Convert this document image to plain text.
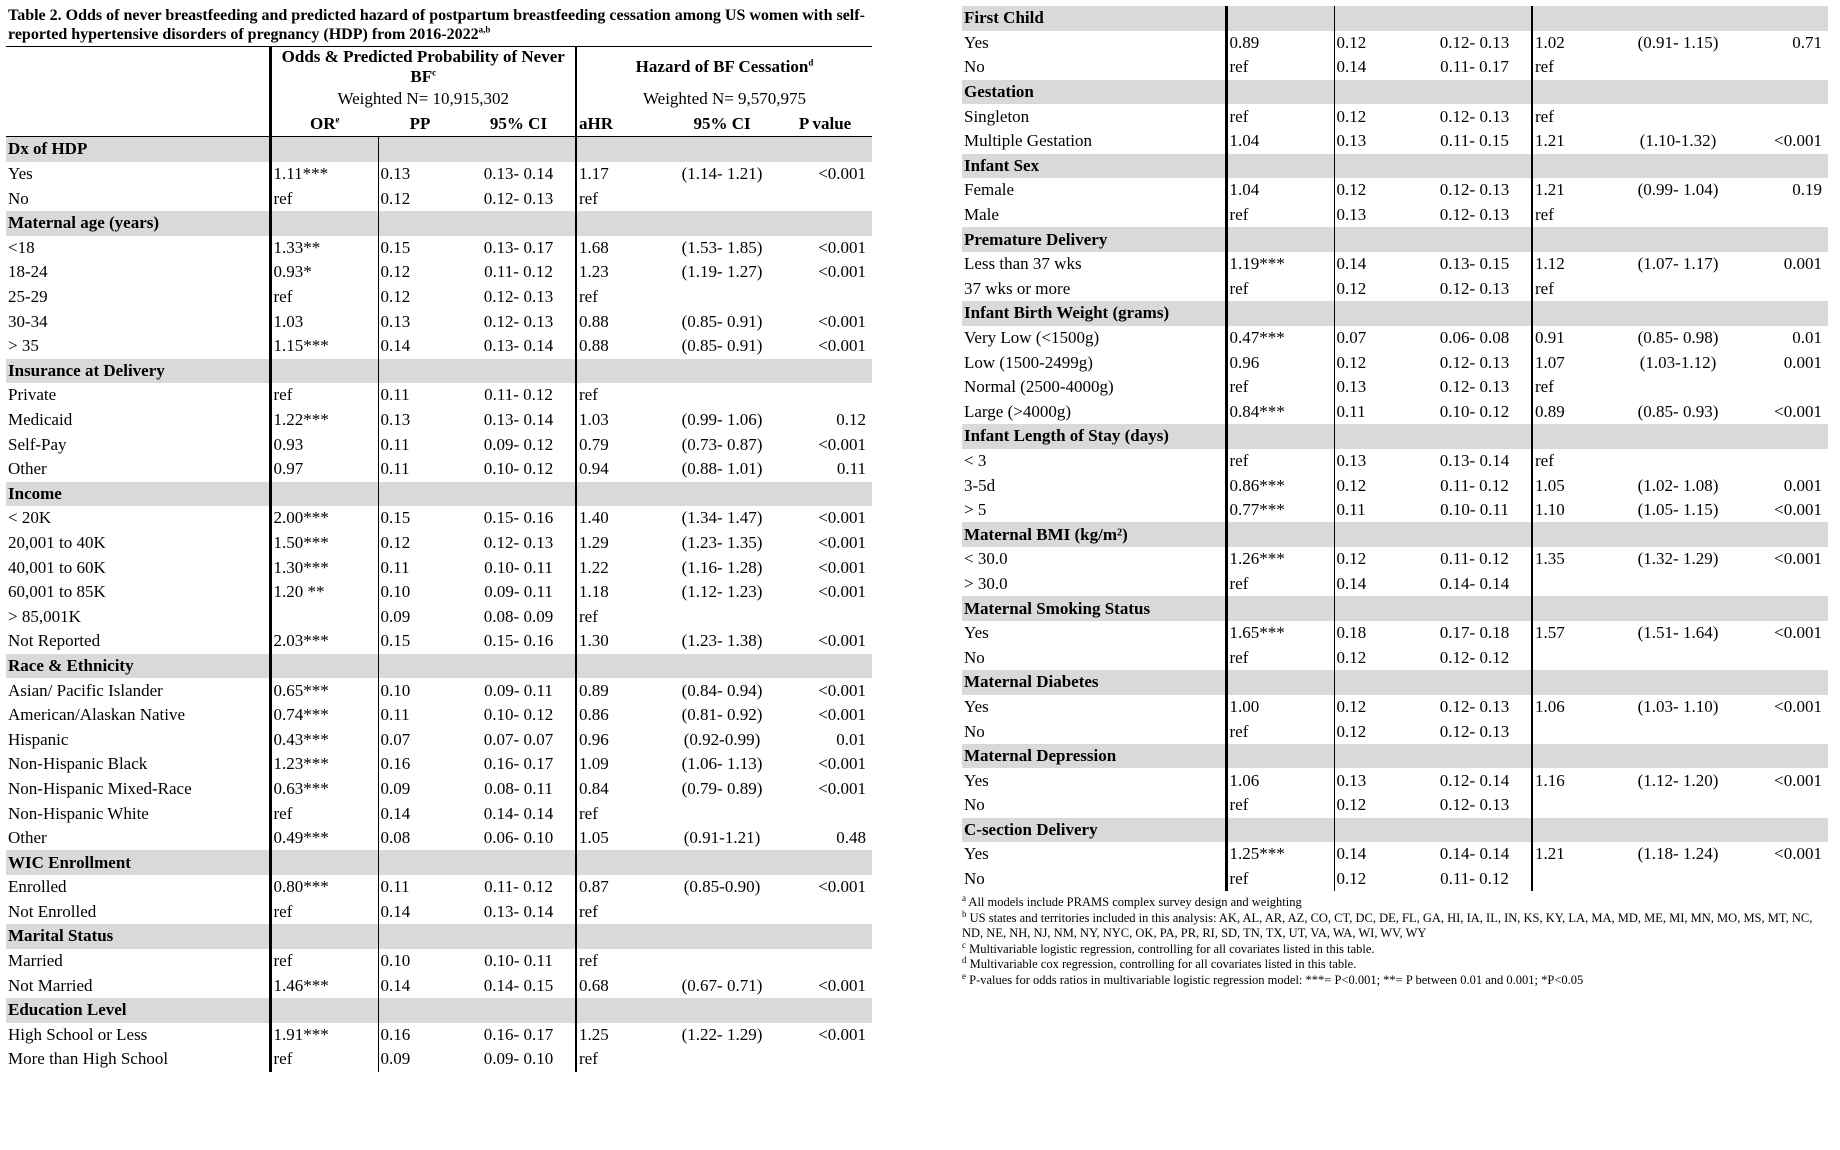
Table 2. Odds of never breastfeeding and predicted hazard of postpartum breastfeeding cessation among US women with self-reported hypertensive disorders of pregnancy (HDP) from 2016-2022$^{a,b}$
	Odds & Predicted Probability of Never
$BF^c$			Hazard of BF Cessation$^d$
	Weighted N= 10,915,302			Weighted N= 9,570,975		
	$OR^e$	PP	95% CI	aHR	95% CI	P value
Dx of HDP						
Yes	1.11***	0.13	0.13- 0.14	1.17	(1.14- 1.21)	<0.001
No	ref	0.12	0.12- 0.13	ref		
Maternal age (years)						
<18	1.33**	0.15	0.13- 0.17	1.68	(1.53- 1.85)	<0.001
18-24	0.93*	0.12	0.11- 0.12	1.23	(1.19- 1.27)	<0.001
25-29	ref	0.12	0.12- 0.13	ref		
30-34	1.03	0.13	0.12- 0.13	0.88	(0.85- 0.91)	<0.001
> 35	1.15***	0.14	0.13- 0.14	0.88	(0.85- 0.91)	<0.001
Insurance at Delivery						
Private	ref	0.11	0.11- 0.12	ref		
Medicaid	1.22***	0.13	0.13- 0.14	1.03	(0.99- 1.06)	0.12
Self-Pay	0.93	0.11	0.09- 0.12	0.79	(0.73- 0.87)	<0.001
Other	0.97	0.11	0.10- 0.12	0.94	(0.88- 1.01)	0.11
Income						
< 20K	2.00***	0.15	0.15- 0.16	1.40	(1.34- 1.47)	<0.001
20,001 to 40K	1.50***	0.12	0.12- 0.13	1.29	(1.23- 1.35)	<0.001
40,001 to 60K	1.30***	0.11	0.10- 0.11	1.22	(1.16- 1.28)	<0.001
60,001 to 85K	1.20 **	0.10	0.09- 0.11	1.18	(1.12- 1.23)	<0.001
> 85,001K		0.09	0.08- 0.09	ref		
Not Reported	2.03***	0.15	0.15- 0.16	1.30	(1.23- 1.38)	<0.001
Race & Ethnicity						
Asian/ Pacific Islander	0.65***	0.10	0.09- 0.11	0.89	(0.84- 0.94)	<0.001
American/Alaskan Native	0.74***	0.11	0.10- 0.12	0.86	(0.81- 0.92)	<0.001
Hispanic	0.43***	0.07	0.07- 0.07	0.96	(0.92-0.99)	0.01
Non-Hispanic Black	1.23***	0.16	0.16- 0.17	1.09	(1.06- 1.13)	<0.001
Non-Hispanic Mixed-Race	0.63***	0.09	0.08- 0.11	0.84	(0.79- 0.89)	<0.001
Non-Hispanic White	ref	0.14	0.14- 0.14	ref		
Other	0.49***	0.08	0.06- 0.10	1.05	(0.91-1.21)	0.48
WIC Enrollment						
Enrolled	0.80***	0.11	0.11- 0.12	0.87	(0.85-0.90)	<0.001
Not Enrolled	ref	0.14	0.13- 0.14	ref		
Marital Status						
Married	ref	0.10	0.10- 0.11	ref		
Not Married	1.46***	0.14	0.14- 0.15	0.68	(0.67- 0.71)	<0.001
Education Level						
High School or Less	1.91***	0.16	0.16- 0.17	1.25	(1.22- 1.29)	<0.001
More than High School	ref	0.09	0.09- 0.10	ref		
First Child						
Yes	0.89	0.12	0.12- 0.13	1.02	(0.91- 1.15)	0.71
No	ref	0.14	0.11- 0.17	ref		
Gestation						
Singleton	ref	0.12	0.12- 0.13	ref		
Multiple Gestation	1.04	0.13	0.11- 0.15	1.21	(1.10-1.32)	<0.001
Infant Sex						
Female	1.04	0.12	0.12- 0.13	1.21	(0.99- 1.04)	0.19
Male	ref	0.13	0.12- 0.13	ref		
Premature Delivery						
Less than 37 wks	1.19***	0.14	0.13- 0.15	1.12	(1.07- 1.17)	0.001
37 wks or more	ref	0.12	0.12- 0.13	ref		
Infant Birth Weight (grams)						
Very Low (<1500g)	0.47***	0.07	0.06- 0.08	0.91	(0.85- 0.98)	0.01
Low (1500-2499g)	0.96	0.12	0.12- 0.13	1.07	(1.03-1.12)	0.001
Normal (2500-4000g)	ref	0.13	0.12- 0.13	ref		
Large (>4000g)	0.84***	0.11	0.10- 0.12	0.89	(0.85- 0.93)	<0.001
Infant Length of Stay (days)						
< 3	ref	0.13	0.13- 0.14	ref		
3-5d	0.86***	0.12	0.11- 0.12	1.05	(1.02- 1.08)	0.001
> 5	0.77***	0.11	0.10- 0.11	1.10	(1.05- 1.15)	<0.001
Maternal BMI (kg/m²)						
< 30.0	1.26***	0.12	0.11- 0.12	1.35	(1.32- 1.29)	<0.001
> 30.0	ref	0.14	0.14- 0.14			
Maternal Smoking Status						
Yes	1.65***	0.18	0.17- 0.18	1.57	(1.51- 1.64)	<0.001
No	ref	0.12	0.12- 0.12			
Maternal Diabetes						
Yes	1.00	0.12	0.12- 0.13	1.06	(1.03- 1.10)	<0.001
No	ref	0.12	0.12- 0.13			
Maternal Depression						
Yes	1.06	0.13	0.12- 0.14	1.16	(1.12- 1.20)	<0.001
No	ref	0.12	0.12- 0.13			
C-section Delivery						
Yes	1.25***	0.14	0.14- 0.14	1.21	(1.18- 1.24)	<0.001
No	ref	0.12	0.11- 0.12			
$^a$ All models include PRAMS complex survey design and weighting
$^b$ US states and territories included in this analysis: AK, AL, AR, AZ, CO, CT, DC, DE, FL, GA, HI, IA, IL, IN, KS, KY, LA, MA, MD, ME, MI, MN, MO, MS, MT, NC, ND, NE, NH, NJ, NM, NY, NYC, OK, PA, PR, RI, SD, TN, TX, UT, VA, WA, WI, WV, WY
$^c$ Multivariable logistic regression, controlling for all covariates listed in this table.
$^d$ Multivariable cox regression, controlling for all covariates listed in this table.
$^e$ P-values for odds ratios in multivariable logistic regression model: ***= P<0.001; **= P between 0.01 and 0.001; *P<0.05
